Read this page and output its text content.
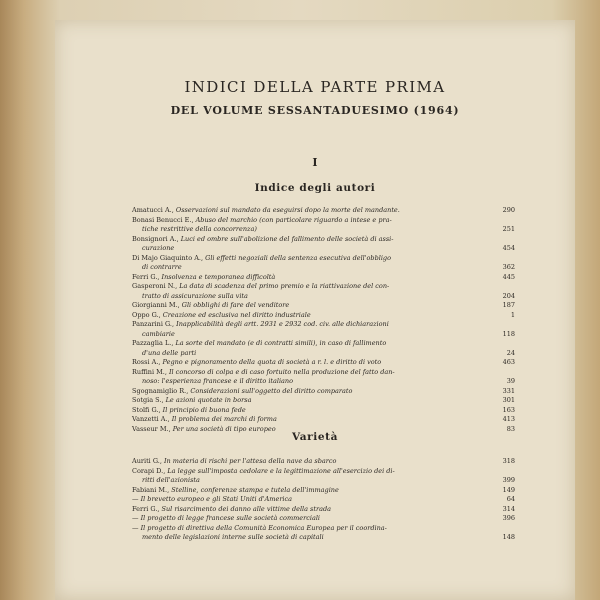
INDICI DELLA PARTE PRIMA
DEL VOLUME SESSANTADUESIMO (1964)
I
Indice degli autori
Amatucci A., Osservazioni sul mandato da eseguirsi dopo la morte del mandante.	290
Bonasi Benucci E., Abuso del marchio (con particolare riguardo a intese e pra-
tiche restrittive della concorrenza)	251
Bonsignori A., Luci ed ombre sull'abolizione del fallimento delle società di assi-
curazione	454
Di Majo Giaquinto A., Gli effetti negoziali della sentenza esecutiva dell'obbligo
di contrarre	362
Ferri G., Insolvenza e temporanea difficoltà	445
Gasperoni N., La data di scadenza del primo premio e la riattivazione del con-
tratto di assicurazione sulla vita	204
Giorgianni M., Gli obblighi di fare del venditore	187
Oppo G., Creazione ed esclusiva nel diritto industriale	1
Panzarini G., Inapplicabilità degli artt. 2931 e 2932 cod. civ. alle dichiarazioni
cambiarie	118
Pazzaglia L., La sorte del mandato (e di contratti simili), in caso di fallimento
d'una delle parti	24
Rossi A., Pegno e pignoramento della quota di società a r. l. e diritto di voto	463
Ruffini M., Il concorso di colpa e di caso fortuito nella produzione del fatto dan-
noso: l'esperienza francese e il diritto italiano	39
Sgognamiglio R., Considerazioni sull'oggetto del diritto comparato	331
Sotgia S., Le azioni quotate in borsa	301
Stolfi G., Il principio di buona fede	163
Vanzetti A., Il problema dei marchi di forma	413
Vasseur M., Per una società di tipo europeo	83
Varietà
Auriti G., In materia di rischi per l'attesa della nave da sbarco	318
Corapi D., La legge sull'imposta cedolare e la legittimazione all'esercizio dei di-
ritti dell'azionista	399
Fabiani M., Stelline, conferenze stampa e tutela dell'immagine	149
— Il brevetto europeo e gli Stati Uniti d'America	64
Ferri G., Sul risarcimento dei danno alle vittime della strada	314
— Il progetto di legge francese sulle società commerciali	396
— Il progetto di direttiva della Comunità Economica Europea per il coordina-
mento delle legislazioni interne sulle società di capitali	148
